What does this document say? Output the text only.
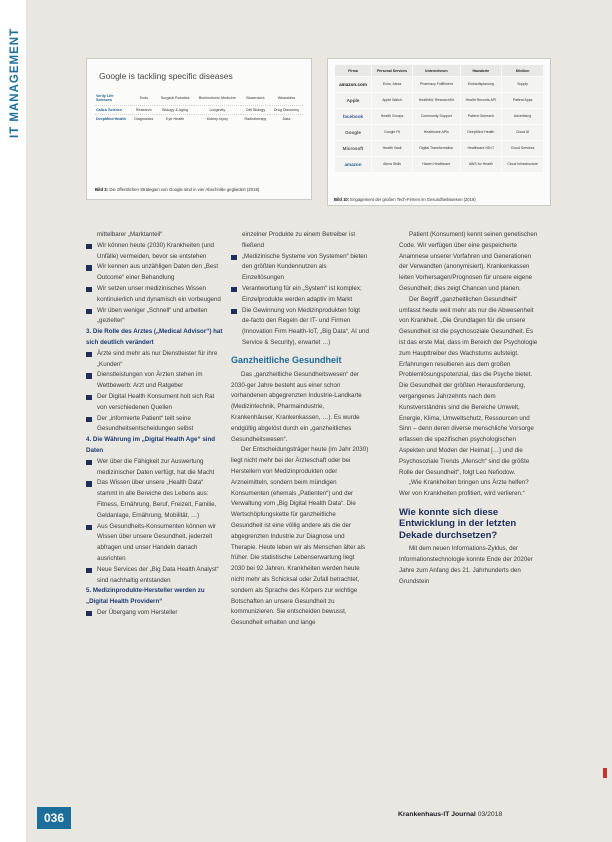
IT MANAGEMENT	Google is tackling specific diseases
Verily Life Sciences	Tools	Surgical Robotics	Bioelectronic Medicine	Biosensors	Wearables
Calico Science	Research	Biology & Aging	Longevity	Cell Biology	Drug Discovery
DeepMind Health	Diagnostics	Eye Health	Kidney Injury	Radiotherapy	Data
Bild 3: Die öffentlichen Strategien von Google sind in vier Abschnitte gegliedert (2018)
Firma	Personal Services	Unternehmen	Hausärzte	Kliniken
amazon.com	Echo, Alexa	Pharmacy Fulfillment	Einkaufsplanung	Supply
Apple	Apple Watch	HealthKit, ResearchKit	Health Records API	Patient Apps
facebook	Health Groups	Community Support	Patient Outreach	Advertising
Google	Google Fit	Healthcare APIs	DeepMind Health	Cloud AI
Microsoft	Health Vault	Digital Transformation	Healthcare NExT	Cloud Services
amazon	Alexa Skills	Haven Healthcare	AWS for Health	Cloud Infrastructure
Bild 10: Engagement der großen Tech-Firmen im Gesundheitswesen (2018)
mittelbarer „Marktanteil“
Wir können heute (2030) Krankheiten (und Unfälle) vermeiden, bevor sie entstehen
Wir kennen aus unzähligen Daten den „Best Outcome“ einer Behandlung
Wir setzen unser medizinisches Wissen kontinuierlich und dynamisch ein vorbeugend
Wir üben weniger „Schnell“ und arbeiten „gezielter“
3. Die Rolle des Arztes („Medical Advisor“) hat sich deutlich verändert
Ärzte sind mehr als nur Dienstleister für ihre „Kunden“
Dienstleistungen von Ärzten stehen im Wettbewerb: Arzt und Ratgeber
Der Digital Health Konsument holt sich Rat von verschiedenen Quellen
Der „informierte Patient“ teilt seine Gesundheitsentscheidungen selbst
4. Die Währung im „Digital Health Age“ sind Daten
Wer über die Fähigkeit zur Auswertung medizinischer Daten verfügt, hat die Macht
Das Wissen über unsere „Health Data“ stammt in alle Bereiche des Lebens aus: Fitness, Ernährung, Beruf, Freizeit, Familie, Geldanlage, Ernährung, Mobilität, …)
Aus Gesundheits-Konsumenten können wir Wissen über unsere Gesundheit, jederzeit abfragen und unser Handeln danach ausrichten
Neue Services der „Big Data Health Analyst“ sind nachhaltig entstanden
5. Medizinprodukte-Hersteller werden zu „Digital Health Providern“
Der Übergang vom Hersteller
einzelner Produkte zu einem Betreiber ist fließend
„Medizinische Systeme von Systemen“ bieten den größten Kundennutzen als Einzellösungen
Verantwortung für ein „System“ ist komplex; Einzelprodukte werden adaptiv im Markt
Die Gewinnung von Medizinprodukten folgt de-facto den Regeln der IT- und Firmen (Innovation Firm Health-IoT, „Big Data“, AI und Service & Security), erwartet …)
Ganzheitliche Gesundheit

Das „ganzheitliche Gesundheitswesen“ der 2030-ger Jahre besteht aus einer schon vorhandenen abgegrenzten Industrie-Landkarte (Medizintechnik, Pharmaindustrie, Krankenhäuser, Krankenkassen, …). Es wurde endgültig abgelöst durch ein „ganzheitliches Gesundheitswesen“.

Der Entscheidungsträger heute (im Jahr 2030) liegt nicht mehr bei der Ärzteschaft oder bei Herstellern von Medizinprodukten oder Arzneimitteln, sondern beim mündigen Konsumenten (ehemals „Patienten“) und der Verwaltung vom „Big Digital Health Data“. Die Wertschöpfungskette für ganzheitliche Gesundheit ist eine völlig andere als die der abgegrenzten Industrie zur Diagnose und Therapie. Heute leben wir als Menschen älter als früher. Die statistische Lebenserwartung liegt 2030 bei 92 Jahren. Krankheiten werden heute nicht mehr als Schicksal oder Zufall betrachtet, sondern als Sprache des Körpers zur wichtige Botschaften an unsere Gesundheit zu kommunizieren. Sie entscheiden bewusst, Gesundheit erhalten und lange

Patient (Konsument) kennt seinen genetischen Code. Wir verfügen über eine gespeicherte Anamnese unserer Vorfahren und Generationen der Verwandten (anonymisiert). Krankenkassen leiten Vorhersagen/Prognosen für unsere eigene Gesundheit; dies zeigt Chancen und planen.

Der Begriff „ganzheitlichen Gesundheit“ umfasst heute weit mehr als nur die Abwesenheit von Krankheit. „Die Grundlagen für die unsere Gesundheit ist die psychosoziale Gesundheit. Es ist das erste Mal, dass im Bereich der Psychologie zum Haupttreiber des Wachstums aufsteigt. Erfahrungen resultieren aus dem großen Problemlösungspotenzial, das die Psyche bietet. Die Gesundheit der größten Herausforderung, vergangenes Jahrzehnts nach dem Kunstverständnis sind die Bereiche Umwelt, Energie, Klima, Umweltschutz, Ressourcen und Sinn – denn deren diverse menschliche Vorsorge erfassen die spezifischen psychologischen Aspekten und Moden der Heimat […] und die Psychosoziale Trends „Mensch“ sind die größte Rolle der Gesundheit“, folgt Leo Nefiodow.

„Wie Krankheiten bringen uns Ärzte helfen? Wer von Krankheiten profitiert, wird verlieren.“

Wie konnte sich diese Entwicklung in der letzten Dekade durchsetzen?

Mit dem neuen Informations-Zyklus, der Informationstechnologie konnte Ende der 2020er Jahre zum Anfang des 21. Jahrhunderts den Grundstein

036	Krankenhaus-IT Journal 03/2018
